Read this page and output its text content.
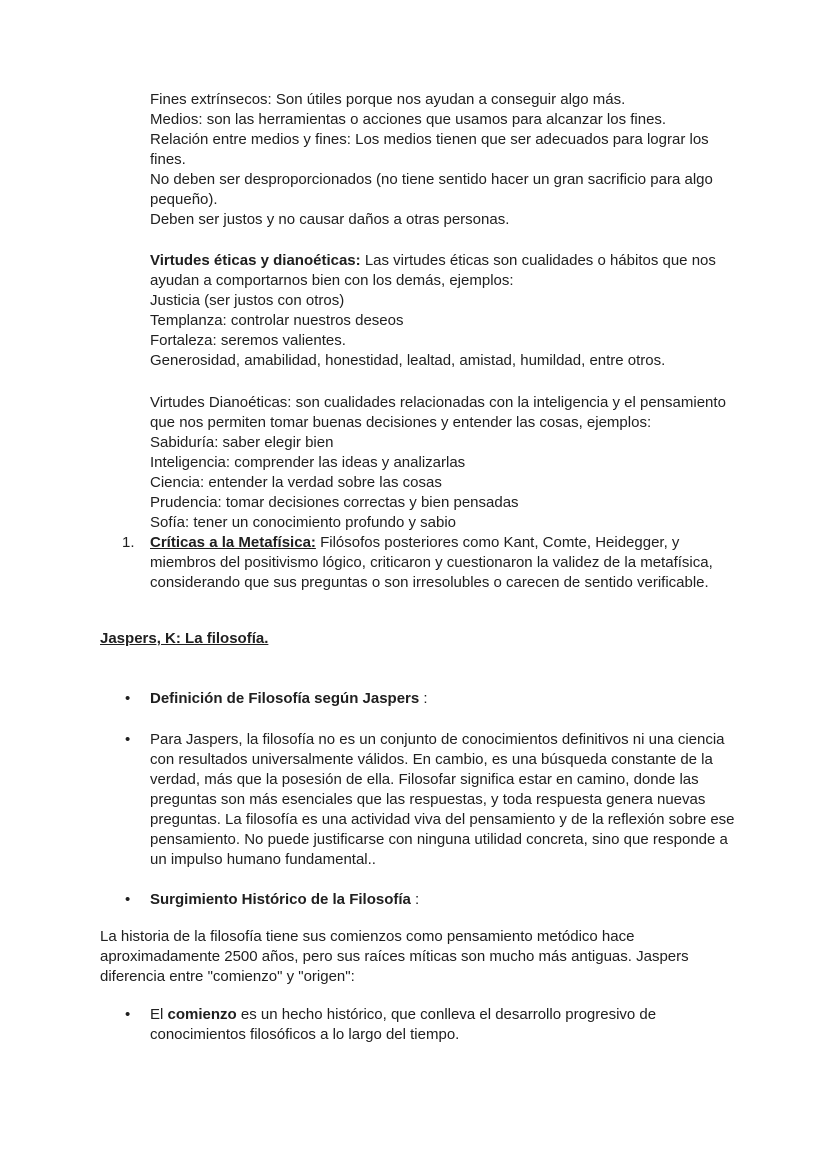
Fines extrínsecos: Son útiles porque nos ayudan a conseguir algo más.

Medios: son las herramientas o acciones que usamos para alcanzar los fines.

Relación entre medios y fines: Los medios tienen que ser adecuados para lograr los fines.

No deben ser desproporcionados (no tiene sentido hacer un gran sacrificio para algo pequeño).

Deben ser justos y no causar daños a otras personas.

Virtudes éticas y dianoéticas: Las virtudes éticas son cualidades o hábitos que nos ayudan a comportarnos bien con los demás, ejemplos:

Justicia (ser justos con otros)

Templanza: controlar nuestros deseos

Fortaleza: seremos valientes.

Generosidad, amabilidad, honestidad, lealtad, amistad, humildad, entre otros.

Virtudes Dianoéticas: son cualidades relacionadas con la inteligencia y el pensamiento que nos permiten tomar buenas decisiones y entender las cosas, ejemplos:

Sabiduría: saber elegir bien

Inteligencia: comprender las ideas y analizarlas

Ciencia: entender la verdad sobre las cosas

Prudencia: tomar decisiones correctas y bien pensadas

Sofía: tener un conocimiento profundo y sabio

1.	Críticas a la Metafísica: Filósofos posteriores como Kant, Comte, Heidegger, y miembros del positivismo lógico, criticaron y cuestionaron la validez de la metafísica, considerando que sus preguntas o son irresolubles o carecen de sentido verificable.

Jaspers, K: La filosofía.

•	Definición de Filosofía según Jaspers :
•	Para Jaspers, la filosofía no es un conjunto de conocimientos definitivos ni una ciencia con resultados universalmente válidos. En cambio, es una búsqueda constante de la verdad, más que la posesión de ella. Filosofar significa estar en camino, donde las preguntas son más esenciales que las respuestas, y toda respuesta genera nuevas preguntas. La filosofía es una actividad viva del pensamiento y de la reflexión sobre ese pensamiento. No puede justificarse con ninguna utilidad concreta, sino que responde a un impulso humano fundamental..
•	Surgimiento Histórico de la Filosofía :

La historia de la filosofía tiene sus comienzos como pensamiento metódico hace aproximadamente 2500 años, pero sus raíces míticas son mucho más antiguas. Jaspers diferencia entre "comienzo" y "origen":

•	El comienzo es un hecho histórico, que conlleva el desarrollo progresivo de conocimientos filosóficos a lo largo del tiempo.
